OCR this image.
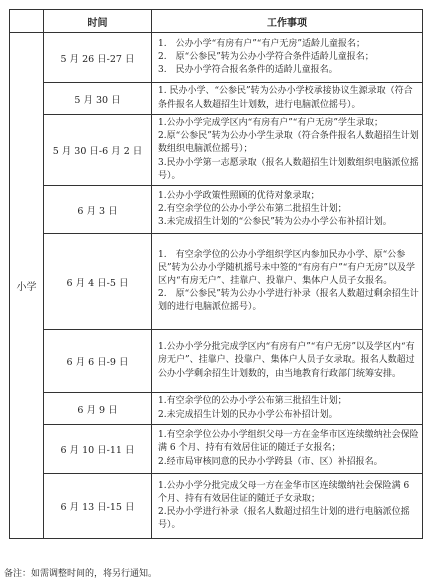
	时间	工作事项
小学	5 月 26 日-27 日	1.　公办小学“有房有户”“有户无房”适龄儿童报名；
2.　原“公参民”转为公办小学符合条件适龄儿童报名；
3.　民办小学符合报名条件的适龄儿童报名。

	5 月 30 日	1. 民办小学、“公参民”转为公办小学校承接协议生源录取（符合条件报名人数超招生计划数，进行电脑派位摇号）。

	5 月 30 日-6 月 2 日	1.公办小学完成学区内“有房有户”“有户无房”学生录取；
2.原“公参民”转为公办小学生录取（符合条件报名人数超招生计划数组织电脑派位摇号）；
3.民办小学第一志愿录取（报名人数超招生计划数组织电脑派位摇号）。

	6 月 3 日	1.公办小学政策性照顾的优待对象录取；
2.有空余学位的公办小学公布第二批招生计划；
3.未完成招生计划的“公参民”转为公办小学公布补招计划。

	6 月 4 日-5 日	1.　有空余学位的公办小学组织学区内参加民办小学、原“公参民”转为公办小学随机摇号未中签的“有房有户”“有户无房”以及学区内“有房无户”、挂靠户、投靠户、集体户人员子女报名。
2.　原“公参民”转为公办小学进行补录（报名人数超过剩余招生计划的进行电脑派位摇号）。

	6 月 6 日-9 日	1.公办小学分批完成学区内“有房有户”“有户无房”以及学区内“有房无户”、挂靠户、投靠户、集体户人员子女录取。报名人数超过公办小学剩余招生计划数的，由当地教育行政部门统筹安排。

	6 月 9 日	1.有空余学位的公办小学公布第三批招生计划；
2.未完成招生计划的民办小学公布补招计划。

	6 月 10 日-11 日	1.有空余学位公办小学组织父母一方在金华市区连续缴纳社会保险满 6 个月、持有有效居住证的随迁子女报名；
2.经市局审核同意的民办小学跨县（市、区）补招报名。

	6 月 13 日-15 日	1.公办小学分批完成父母一方在金华市区连续缴纳社会保险满 6 个月、持有有效居住证的随迁子女录取；
2.民办小学进行补录（报名人数超过招生计划的进行电脑派位摇号）。
备注：如需调整时间的，将另行通知。
